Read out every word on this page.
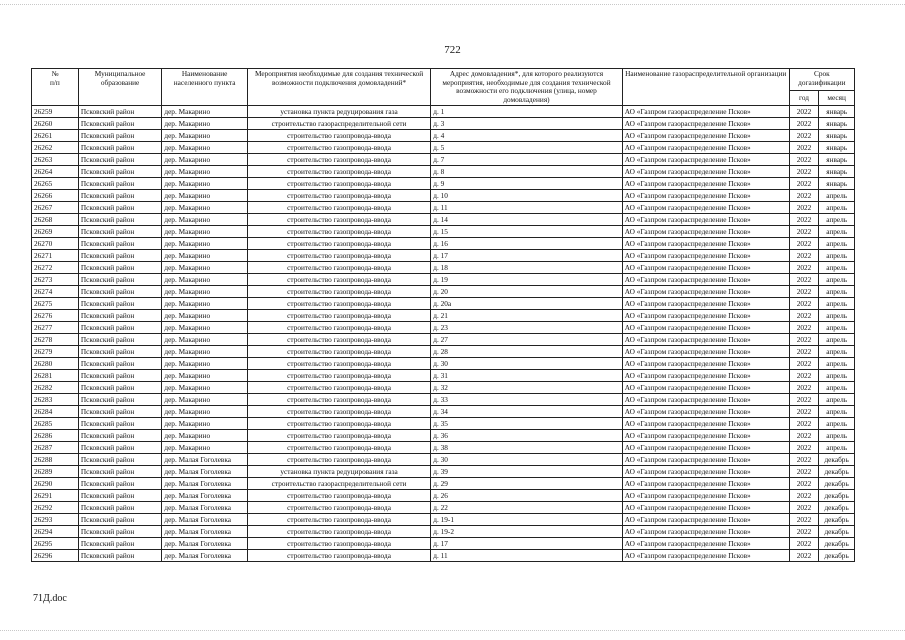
722
№
п/п	Муниципальное образование	Наименование населенного пункта	Мероприятия необходимые для создания технической возможности подключения домовладений*	Адрес домовладения*, для которого реализуются мероприятия, необходимые для создания технической возможности его подключения (улица, номер домовладения)	Наименование газораспределительной организации	Срок догазификации	
						год	месяц
26259	Псковский район	дер. Макарино	установка пункта редуцирования газа	д. 1	АО «Газпром газораспределение Псков»	2022	январь
26260	Псковский район	дер. Макарино	строительство газораспределительной сети	д. 3	АО «Газпром газораспределение Псков»	2022	январь
26261	Псковский район	дер. Макарино	строительство газопровода-ввода	д. 4	АО «Газпром газораспределение Псков»	2022	январь
26262	Псковский район	дер. Макарино	строительство газопровода-ввода	д. 5	АО «Газпром газораспределение Псков»	2022	январь
26263	Псковский район	дер. Макарино	строительство газопровода-ввода	д. 7	АО «Газпром газораспределение Псков»	2022	январь
26264	Псковский район	дер. Макарино	строительство газопровода-ввода	д. 8	АО «Газпром газораспределение Псков»	2022	январь
26265	Псковский район	дер. Макарино	строительство газопровода-ввода	д. 9	АО «Газпром газораспределение Псков»	2022	январь
26266	Псковский район	дер. Макарино	строительство газопровода-ввода	д. 10	АО «Газпром газораспределение Псков»	2022	апрель
26267	Псковский район	дер. Макарино	строительство газопровода-ввода	д. 11	АО «Газпром газораспределение Псков»	2022	апрель
26268	Псковский район	дер. Макарино	строительство газопровода-ввода	д. 14	АО «Газпром газораспределение Псков»	2022	апрель
26269	Псковский район	дер. Макарино	строительство газопровода-ввода	д. 15	АО «Газпром газораспределение Псков»	2022	апрель
26270	Псковский район	дер. Макарино	строительство газопровода-ввода	д. 16	АО «Газпром газораспределение Псков»	2022	апрель
26271	Псковский район	дер. Макарино	строительство газопровода-ввода	д. 17	АО «Газпром газораспределение Псков»	2022	апрель
26272	Псковский район	дер. Макарино	строительство газопровода-ввода	д. 18	АО «Газпром газораспределение Псков»	2022	апрель
26273	Псковский район	дер. Макарино	строительство газопровода-ввода	д. 19	АО «Газпром газораспределение Псков»	2022	апрель
26274	Псковский район	дер. Макарино	строительство газопровода-ввода	д. 20	АО «Газпром газораспределение Псков»	2022	апрель
26275	Псковский район	дер. Макарино	строительство газопровода-ввода	д. 20а	АО «Газпром газораспределение Псков»	2022	апрель
26276	Псковский район	дер. Макарино	строительство газопровода-ввода	д. 21	АО «Газпром газораспределение Псков»	2022	апрель
26277	Псковский район	дер. Макарино	строительство газопровода-ввода	д. 23	АО «Газпром газораспределение Псков»	2022	апрель
26278	Псковский район	дер. Макарино	строительство газопровода-ввода	д. 27	АО «Газпром газораспределение Псков»	2022	апрель
26279	Псковский район	дер. Макарино	строительство газопровода-ввода	д. 28	АО «Газпром газораспределение Псков»	2022	апрель
26280	Псковский район	дер. Макарино	строительство газопровода-ввода	д. 30	АО «Газпром газораспределение Псков»	2022	апрель
26281	Псковский район	дер. Макарино	строительство газопровода-ввода	д. 31	АО «Газпром газораспределение Псков»	2022	апрель
26282	Псковский район	дер. Макарино	строительство газопровода-ввода	д. 32	АО «Газпром газораспределение Псков»	2022	апрель
26283	Псковский район	дер. Макарино	строительство газопровода-ввода	д. 33	АО «Газпром газораспределение Псков»	2022	апрель
26284	Псковский район	дер. Макарино	строительство газопровода-ввода	д. 34	АО «Газпром газораспределение Псков»	2022	апрель
26285	Псковский район	дер. Макарино	строительство газопровода-ввода	д. 35	АО «Газпром газораспределение Псков»	2022	апрель
26286	Псковский район	дер. Макарино	строительство газопровода-ввода	д. 36	АО «Газпром газораспределение Псков»	2022	апрель
26287	Псковский район	дер. Макарино	строительство газопровода-ввода	д. 38	АО «Газпром газораспределение Псков»	2022	апрель
26288	Псковский район	дер. Малая Гоголевка	строительство газопровода-ввода	д. 30	АО «Газпром газораспределение Псков»	2022	декабрь
26289	Псковский район	дер. Малая Гоголевка	установка пункта редуцирования газа	д. 39	АО «Газпром газораспределение Псков»	2022	декабрь
26290	Псковский район	дер. Малая Гоголевка	строительство газораспределительной сети	д. 29	АО «Газпром газораспределение Псков»	2022	декабрь
26291	Псковский район	дер. Малая Гоголевка	строительство газопровода-ввода	д. 26	АО «Газпром газораспределение Псков»	2022	декабрь
26292	Псковский район	дер. Малая Гоголевка	строительство газопровода-ввода	д. 22	АО «Газпром газораспределение Псков»	2022	декабрь
26293	Псковский район	дер. Малая Гоголевка	строительство газопровода-ввода	д. 19-1	АО «Газпром газораспределение Псков»	2022	декабрь
26294	Псковский район	дер. Малая Гоголевка	строительство газопровода-ввода	д. 19-2	АО «Газпром газораспределение Псков»	2022	декабрь
26295	Псковский район	дер. Малая Гоголевка	строительство газопровода-ввода	д. 17	АО «Газпром газораспределение Псков»	2022	декабрь
26296	Псковский район	дер. Малая Гоголевка	строительство газопровода-ввода	д. 11	АО «Газпром газораспределение Псков»	2022	декабрь
71Д.doc
